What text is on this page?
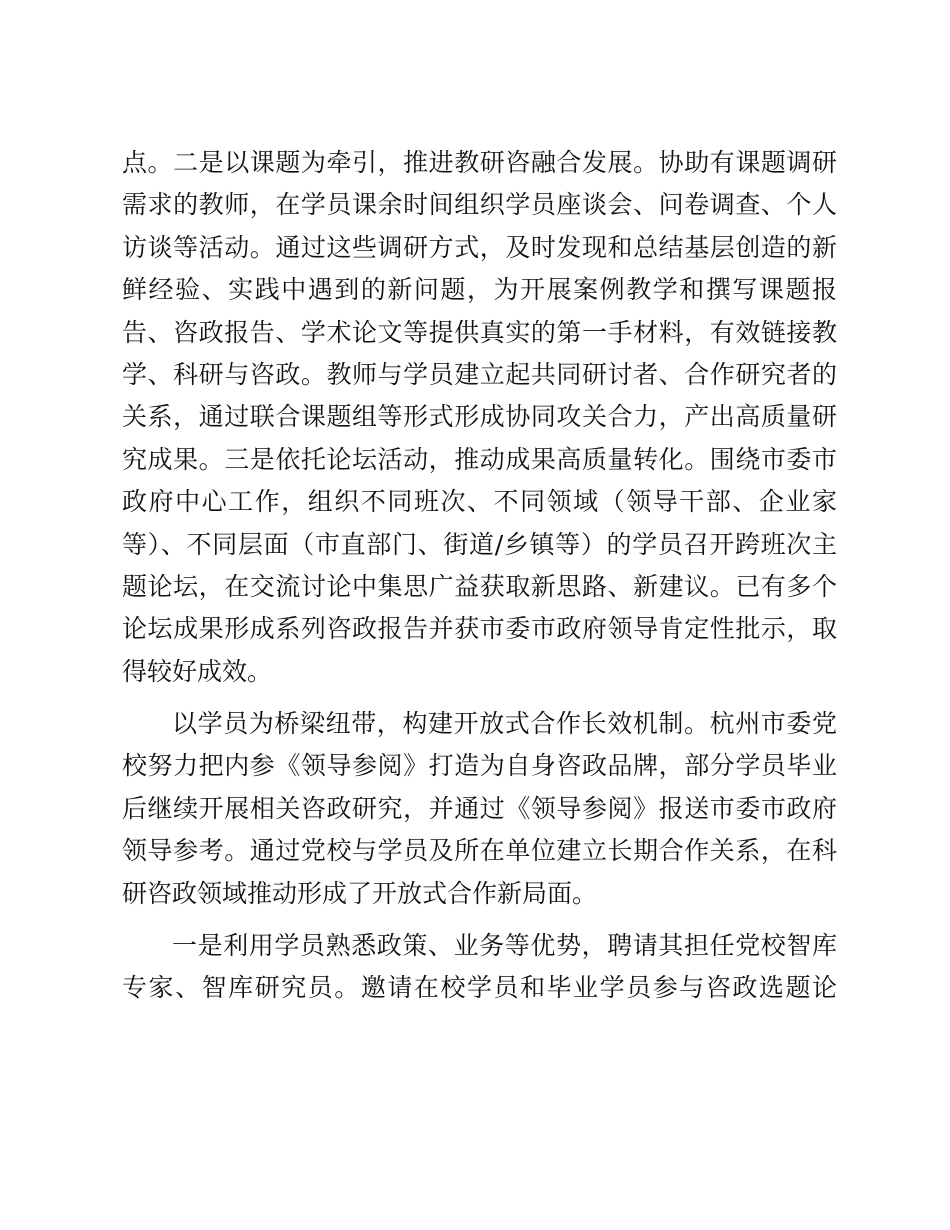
点。二是以课题为牵引，推进教研咨融合发展。协助有课题调研
需求的教师，在学员课余时间组织学员座谈会、问卷调查、个人
访谈等活动。通过这些调研方式，及时发现和总结基层创造的新
鲜经验、实践中遇到的新问题，为开展案例教学和撰写课题报
告、咨政报告、学术论文等提供真实的第一手材料，有效链接教
学、科研与咨政。教师与学员建立起共同研讨者、合作研究者的
关系，通过联合课题组等形式形成协同攻关合力，产出高质量研
究成果。三是依托论坛活动，推动成果高质量转化。围绕市委市
政府中心工作，组织不同班次、不同领域（领导干部、企业家
等）、不同层面（市直部门、街道/乡镇等）的学员召开跨班次主
题论坛，在交流讨论中集思广益获取新思路、新建议。已有多个
论坛成果形成系列咨政报告并获市委市政府领导肯定性批示，取
得较好成效。
以学员为桥梁纽带，构建开放式合作长效机制。杭州市委党
校努力把内参《领导参阅》打造为自身咨政品牌，部分学员毕业
后继续开展相关咨政研究，并通过《领导参阅》报送市委市政府
领导参考。通过党校与学员及所在单位建立长期合作关系，在科
研咨政领域推动形成了开放式合作新局面。
一是利用学员熟悉政策、业务等优势，聘请其担任党校智库
专家、智库研究员。邀请在校学员和毕业学员参与咨政选题论
